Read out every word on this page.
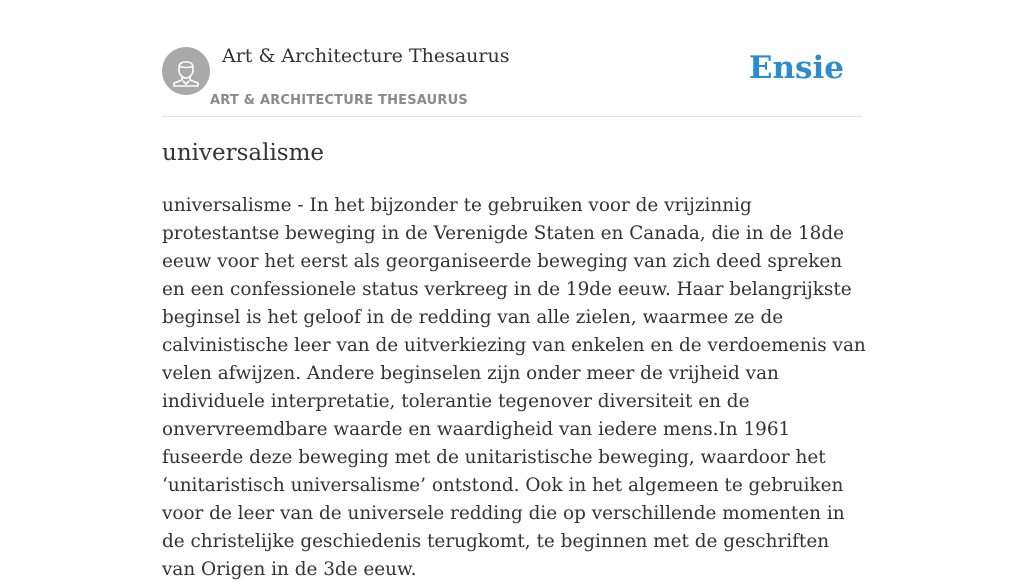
Art & Architecture Thesaurus
ART & ARCHITECTURE THESAURUS
Ensie
universalisme

universalisme - In het bijzonder te gebruiken voor de vrijzinnig protestantse beweging in de Verenigde Staten en Canada, die in de 18de eeuw voor het eerst als georganiseerde beweging van zich deed spreken en een confessionele status verkreeg in de 19de eeuw. Haar belangrijkste beginsel is het geloof in de redding van alle zielen, waarmee ze de calvinistische leer van de uitverkiezing van enkelen en de verdoemenis van velen afwijzen. Andere beginselen zijn onder meer de vrijheid van individuele interpretatie, tolerantie tegenover diversiteit en de onvervreemdbare waarde en waardigheid van iedere mens.In 1961 fuseerde deze beweging met de unitaristische beweging, waardoor het ‘unitaristisch universalisme’ ontstond. Ook in het algemeen te gebruiken voor de leer van de universele redding die op verschillende momenten in de christelijke geschiedenis terugkomt, te beginnen met de geschriften van Origen in de 3de eeuw.
